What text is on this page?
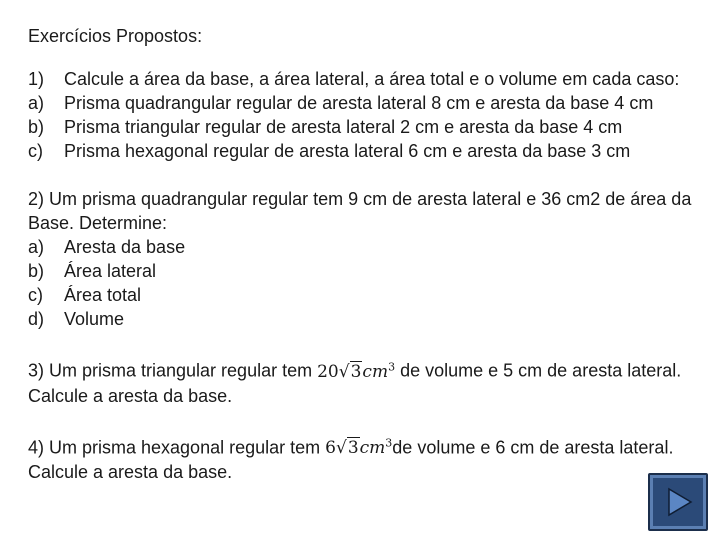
Exercícios Propostos:
1)	Calcule a área da base, a área lateral, a área total e o volume em cada caso:
a)	Prisma quadrangular regular de aresta lateral 8 cm e aresta da base 4 cm
b)	Prisma triangular regular de aresta lateral 2 cm e aresta da base 4 cm
c)	Prisma hexagonal regular de aresta lateral 6 cm e aresta da base 3 cm
2) Um prisma quadrangular regular tem 9 cm de aresta lateral e 36 cm2 de área da
Base. Determine:
a)	Aresta da base
b)	Área lateral
c)	Área total
d)	Volume
3) Um prisma triangular regular tem $20√3cm^3$ de volume e 5 cm de aresta lateral.
Calcule a aresta da base.
4) Um prisma hexagonal regular tem $6√3cm^3de$ volume e 6 cm de aresta lateral.
Calcule a aresta da base.
